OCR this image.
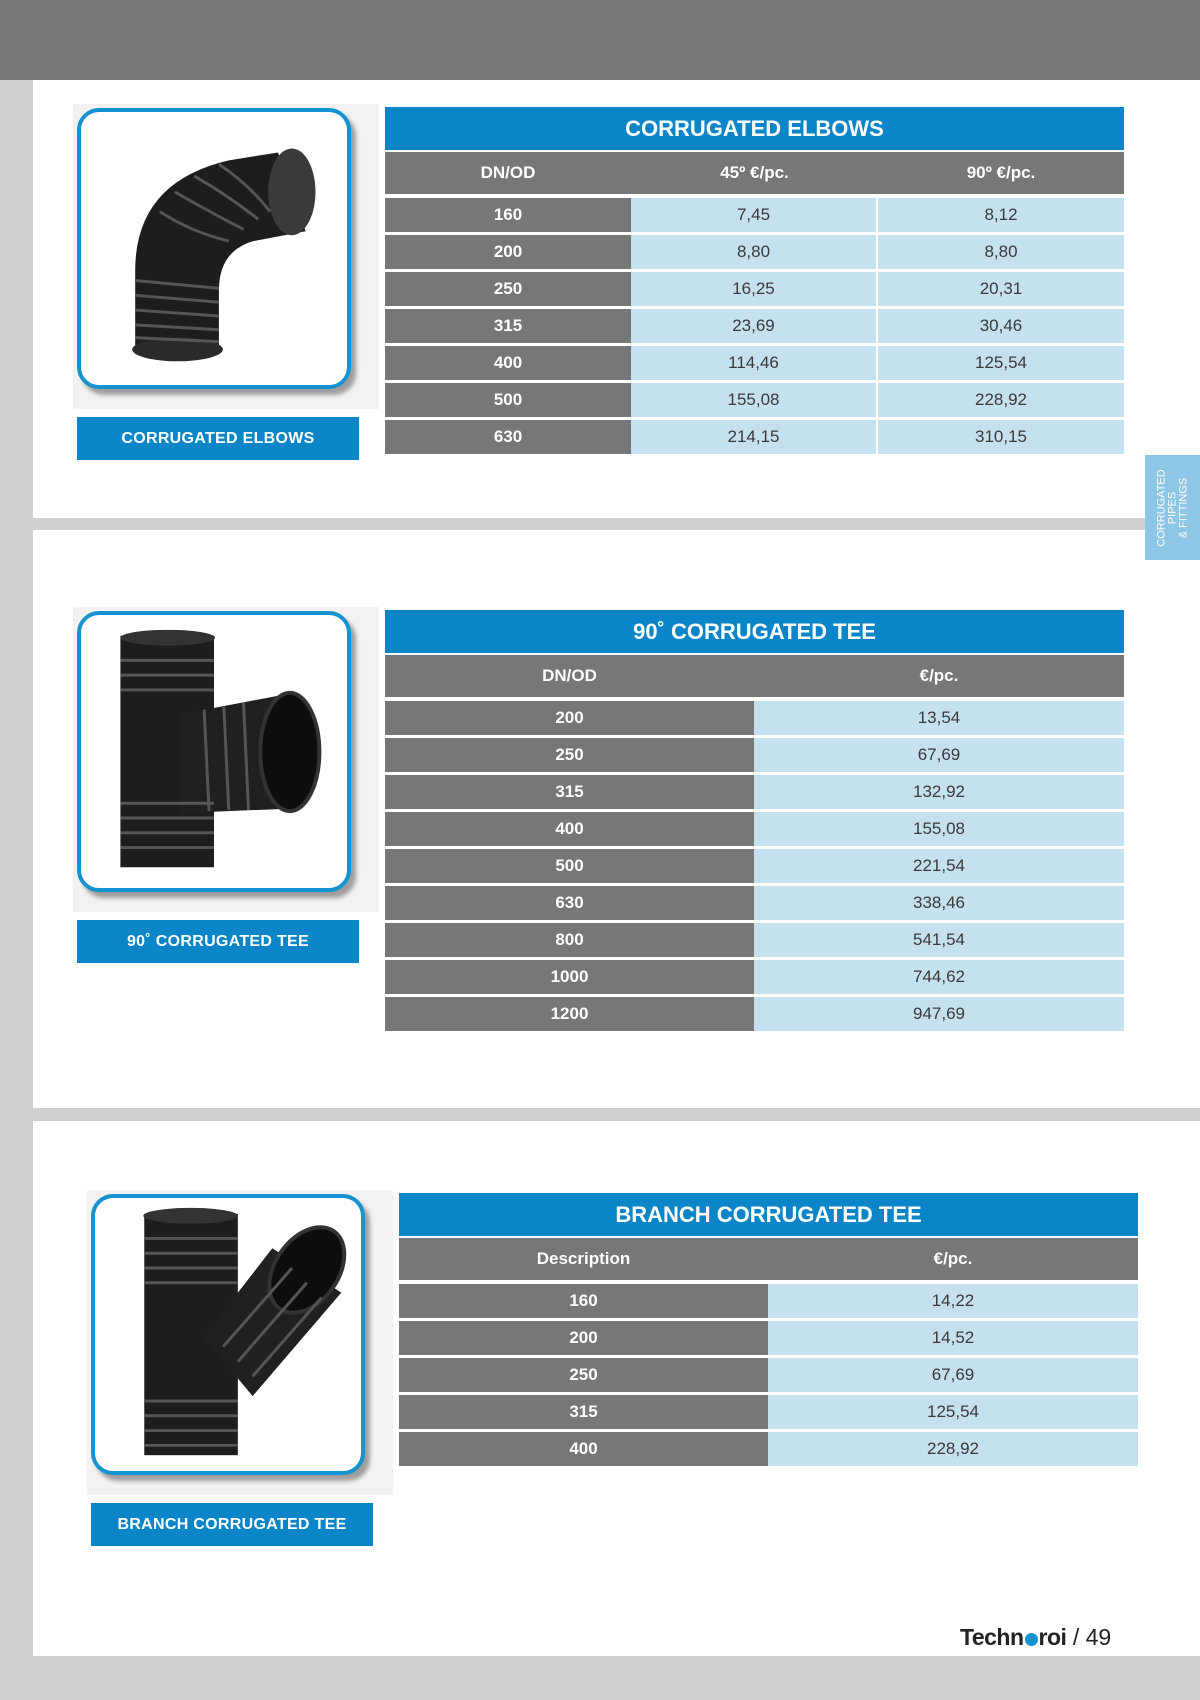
CORRUGATED ELBOWS
CORRUGATED ELBOWS		
DN/OD	45º €/pc.	90º €/pc.
160	7,45	8,12
200	8,80	8,80
250	16,25	20,31
315	23,69	30,46
400	114,46	125,54
500	155,08	228,92
630	214,15	310,15
CORRUGATED PIPES & FITTINGS
90˚ CORRUGATED TEE
90˚ CORRUGATED TEE	
DN/OD	€/pc.
200	13,54
250	67,69
315	132,92
400	155,08
500	221,54
630	338,46
800	541,54
1000	744,62
1200	947,69
BRANCH CORRUGATED TEE
BRANCH CORRUGATED TEE	
Description	€/pc.
160	14,22
200	14,52
250	67,69
315	125,54
400	228,92
Techn roi / 49
